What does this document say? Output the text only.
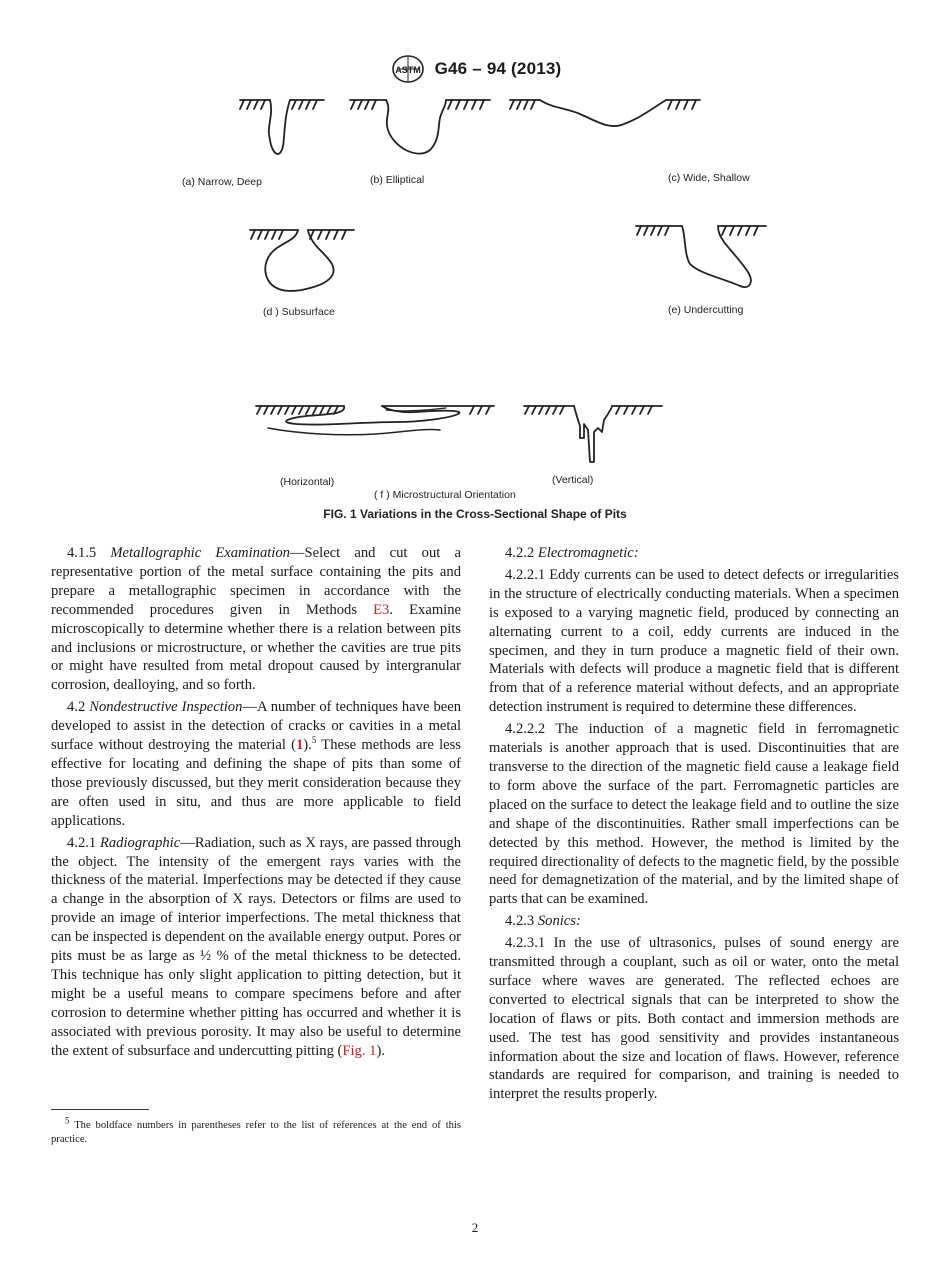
ASTM G46 – 94 (2013)
(a) Narrow, Deep	(b) Elliptical	(c) Wide, Shallow
(d ) Subsurface	(e) Undercutting
(Horizontal)	(Vertical)
( f ) Microstructural Orientation
FIG. 1 Variations in the Cross-Sectional Shape of Pits

4.1.5 Metallographic Examination—Select and cut out a representative portion of the metal surface containing the pits and prepare a metallographic specimen in accordance with the recommended procedures given in Methods E3. Examine microscopically to determine whether there is a relation between pits and inclusions or microstructure, or whether the cavities are true pits or might have resulted from metal dropout caused by intergranular corrosion, dealloying, and so forth.

4.2 Nondestructive Inspection—A number of techniques have been developed to assist in the detection of cracks or cavities in a metal surface without destroying the material (1).$^5$ These methods are less effective for locating and defining the shape of pits than some of those previously discussed, but they merit consideration because they are often used in situ, and thus are more applicable to field applications.

4.2.1 Radiographic—Radiation, such as X rays, are passed through the object. The intensity of the emergent rays varies with the thickness of the material. Imperfections may be detected if they cause a change in the absorption of X rays. Detectors or films are used to provide an image of interior imperfections. The metal thickness that can be inspected is dependent on the available energy output. Pores or pits must be as large as ½ % of the metal thickness to be detected. This technique has only slight application to pitting detection, but it might be a useful means to compare specimens before and after corrosion to determine whether pitting has occurred and whether it is associated with previous porosity. It may also be useful to determine the extent of subsurface and undercutting pitting (Fig. 1).

$^5$ The boldface numbers in parentheses refer to the list of references at the end of this practice.

4.2.2 Electromagnetic:

4.2.2.1 Eddy currents can be used to detect defects or irregularities in the structure of electrically conducting materials. When a specimen is exposed to a varying magnetic field, produced by connecting an alternating current to a coil, eddy currents are induced in the specimen, and they in turn produce a magnetic field of their own. Materials with defects will produce a magnetic field that is different from that of a reference material without defects, and an appropriate detection instrument is required to determine these differences.

4.2.2.2 The induction of a magnetic field in ferromagnetic materials is another approach that is used. Discontinuities that are transverse to the direction of the magnetic field cause a leakage field to form above the surface of the part. Ferromagnetic particles are placed on the surface to detect the leakage field and to outline the size and shape of the discontinuities. Rather small imperfections can be detected by this method. However, the method is limited by the required directionality of defects to the magnetic field, by the possible need for demagnetization of the material, and by the limited shape of parts that can be examined.

4.2.3 Sonics:

4.2.3.1 In the use of ultrasonics, pulses of sound energy are transmitted through a couplant, such as oil or water, onto the metal surface where waves are generated. The reflected echoes are converted to electrical signals that can be interpreted to show the location of flaws or pits. Both contact and immersion methods are used. The test has good sensitivity and provides instantaneous information about the size and location of flaws. However, reference standards are required for comparison, and training is needed to interpret the results properly.

2
